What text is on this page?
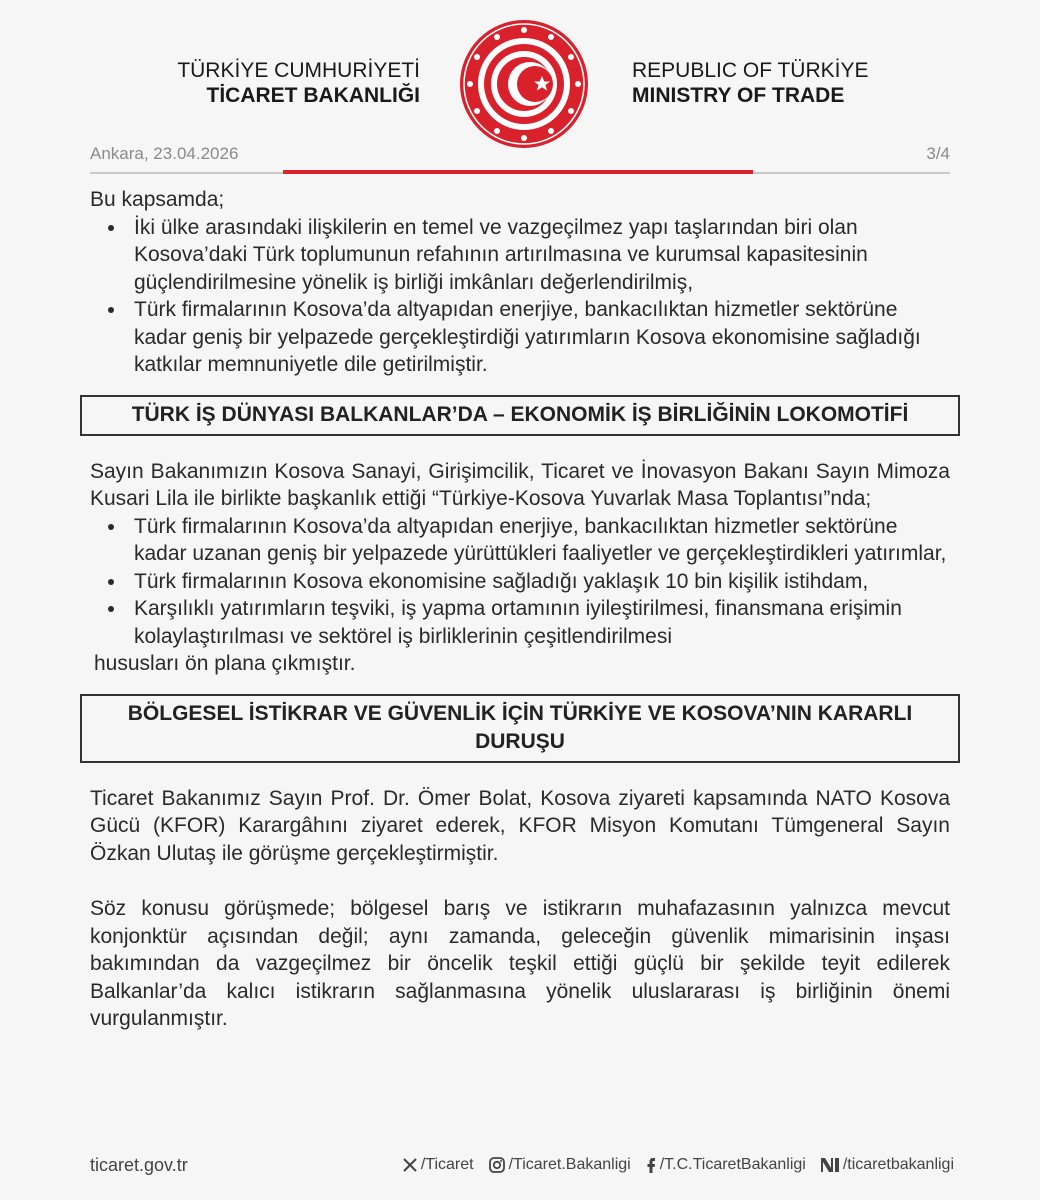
TÜRKİYE CUMHURİYETİ
TİCARET BAKANLIĞI
REPUBLIC OF TÜRKİYE
MINISTRY OF TRADE
Ankara, 23.04.2026	3/4

Bu kapsamda;

İki ülke arasındaki ilişkilerin en temel ve vazgeçilmez yapı taşlarından biri olan Kosova’daki Türk toplumunun refahının artırılmasına ve kurumsal kapasitesinin güçlendirilmesine yönelik iş birliği imkânları değerlendirilmiş,
Türk firmalarının Kosova’da altyapıdan enerjiye, bankacılıktan hizmetler sektörüne kadar geniş bir yelpazede gerçekleştirdiği yatırımların Kosova ekonomisine sağladığı katkılar memnuniyetle dile getirilmiştir.
TÜRK İŞ DÜNYASI BALKANLAR’DA – EKONOMİK İŞ BİRLİĞİNİN LOKOMOTİFİ

Sayın Bakanımızın Kosova Sanayi, Girişimcilik, Ticaret ve İnovasyon Bakanı Sayın Mimoza Kusari Lila ile birlikte başkanlık ettiği “Türkiye-Kosova Yuvarlak Masa Toplantısı”nda;

Türk firmalarının Kosova’da altyapıdan enerjiye, bankacılıktan hizmetler sektörüne kadar uzanan geniş bir yelpazede yürüttükleri faaliyetler ve gerçekleştirdikleri yatırımlar,
Türk firmalarının Kosova ekonomisine sağladığı yaklaşık 10 bin kişilik istihdam,
Karşılıklı yatırımların teşviki, iş yapma ortamının iyileştirilmesi, finansmana erişimin kolaylaştırılması ve sektörel iş birliklerinin çeşitlendirilmesi

hususları ön plana çıkmıştır.

BÖLGESEL İSTİKRAR VE GÜVENLİK İÇİN TÜRKİYE VE KOSOVA’NIN KARARLI DURUŞU

Ticaret Bakanımız Sayın Prof. Dr. Ömer Bolat, Kosova ziyareti kapsamında NATO Kosova Gücü (KFOR) Karargâhını ziyaret ederek, KFOR Misyon Komutanı Tümgeneral Sayın Özkan Ulutaş ile görüşme gerçekleştirmiştir.

Söz konusu görüşmede; bölgesel barış ve istikrarın muhafazasının yalnızca mevcut konjonktür açısından değil; aynı zamanda, geleceğin güvenlik mimarisinin inşası bakımından da vazgeçilmez bir öncelik teşkil ettiği güçlü bir şekilde teyit edilerek Balkanlar’da kalıcı istikrarın sağlanmasına yönelik uluslararası iş birliğinin önemi vurgulanmıştır.

ticaret.gov.tr	/Ticaret /Ticaret.Bakanligi /T.C.TicaretBakanligi /ticaretbakanligi
